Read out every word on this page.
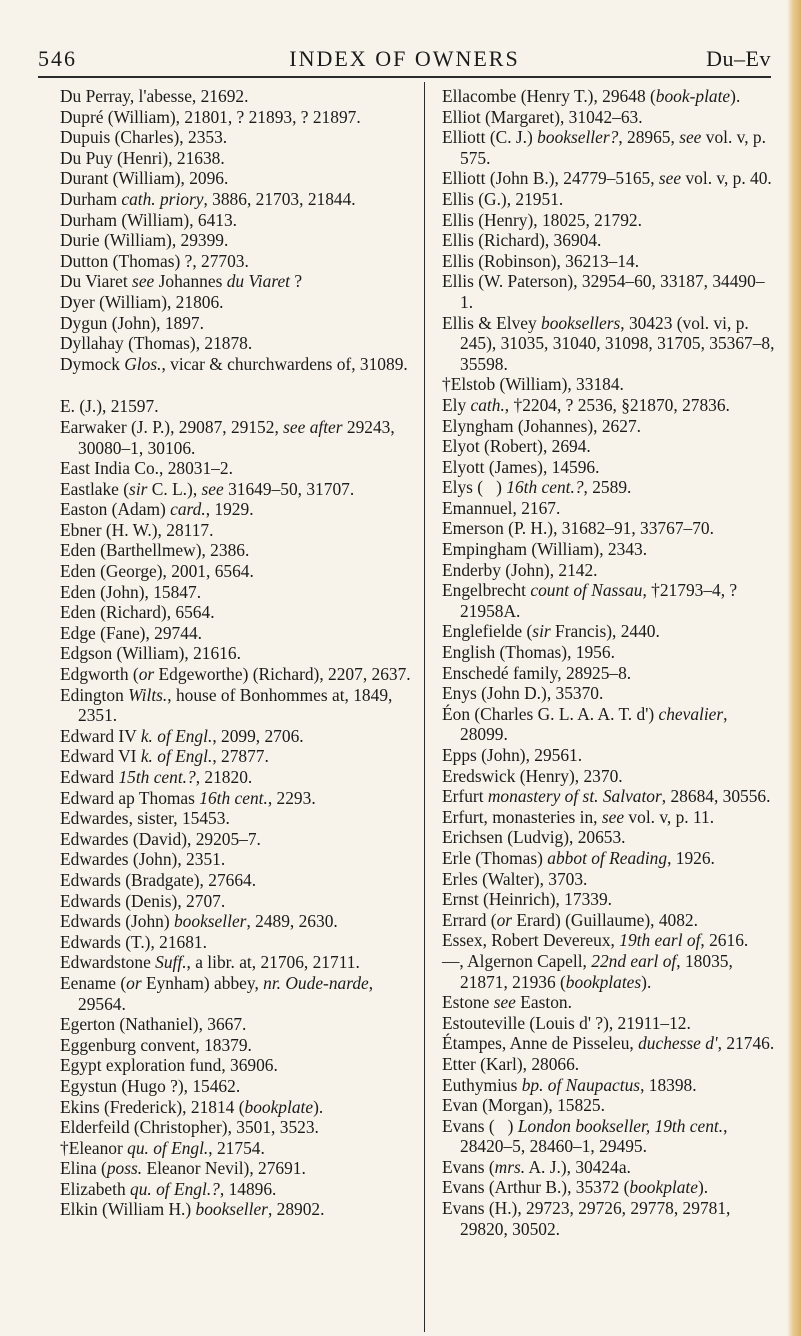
546	INDEX OF OWNERS	Du–Ev
Du Perray, l'abesse, 21692.
Dupré (William), 21801, ? 21893, ? 21897.
Dupuis (Charles), 2353.
Du Puy (Henri), 21638.
Durant (William), 2096.
Durham cath. priory, 3886, 21703, 21844.
Durham (William), 6413.
Durie (William), 29399.
Dutton (Thomas) ?, 27703.
Du Viaret see Johannes du Viaret ?
Dyer (William), 21806.
Dygun (John), 1897.
Dyllahay (Thomas), 21878.
Dymock Glos., vicar & churchwardens of, 31089.
E. (J.), 21597.
Earwaker (J. P.), 29087, 29152, see after 29243, 30080–1, 30106.
East India Co., 28031–2.
Eastlake (sir C. L.), see 31649–50, 31707.
Easton (Adam) card., 1929.
Ebner (H. W.), 28117.
Eden (Barthellmew), 2386.
Eden (George), 2001, 6564.
Eden (John), 15847.
Eden (Richard), 6564.
Edge (Fane), 29744.
Edgson (William), 21616.
Edgworth (or Edgeworthe) (Richard), 2207, 2637.
Edington Wilts., house of Bonhommes at, 1849, 2351.
Edward IV k. of Engl., 2099, 2706.
Edward VI k. of Engl., 27877.
Edward 15th cent.?, 21820.
Edward ap Thomas 16th cent., 2293.
Edwardes, sister, 15453.
Edwardes (David), 29205–7.
Edwardes (John), 2351.
Edwards (Bradgate), 27664.
Edwards (Denis), 2707.
Edwards (John) bookseller, 2489, 2630.
Edwards (T.), 21681.
Edwardstone Suff., a libr. at, 21706, 21711.
Eename (or Eynham) abbey, nr. Oude-narde, 29564.
Egerton (Nathaniel), 3667.
Eggenburg convent, 18379.
Egypt exploration fund, 36906.
Egystun (Hugo ?), 15462.
Ekins (Frederick), 21814 (bookplate).
Elderfeild (Christopher), 3501, 3523.
†Eleanor qu. of Engl., 21754.
Elina (poss. Eleanor Nevil), 27691.
Elizabeth qu. of Engl.?, 14896.
Elkin (William H.) bookseller, 28902.
Ellacombe (Henry T.), 29648 (book-plate).
Elliot (Margaret), 31042–63.
Elliott (C. J.) bookseller?, 28965, see vol. v, p. 575.
Elliott (John B.), 24779–5165, see vol. v, p. 40.
Ellis (G.), 21951.
Ellis (Henry), 18025, 21792.
Ellis (Richard), 36904.
Ellis (Robinson), 36213–14.
Ellis (W. Paterson), 32954–60, 33187, 34490–1.
Ellis & Elvey booksellers, 30423 (vol. vi, p. 245), 31035, 31040, 31098, 31705, 35367–8, 35598.
†Elstob (William), 33184.
Ely cath., †2204, ? 2536, §21870, 27836.
Elyngham (Johannes), 2627.
Elyot (Robert), 2694.
Elyott (James), 14596.
Elys (   ) 16th cent.?, 2589.
Emannuel, 2167.
Emerson (P. H.), 31682–91, 33767–70.
Empingham (William), 2343.
Enderby (John), 2142.
Engelbrecht count of Nassau, †21793–4, ? 21958A.
Englefielde (sir Francis), 2440.
English (Thomas), 1956.
Enschedé family, 28925–8.
Enys (John D.), 35370.
Éon (Charles G. L. A. A. T. d') chevalier, 28099.
Epps (John), 29561.
Eredswick (Henry), 2370.
Erfurt monastery of st. Salvator, 28684, 30556.
Erfurt, monasteries in, see vol. v, p. 11.
Erichsen (Ludvig), 20653.
Erle (Thomas) abbot of Reading, 1926.
Erles (Walter), 3703.
Ernst (Heinrich), 17339.
Errard (or Erard) (Guillaume), 4082.
Essex, Robert Devereux, 19th earl of, 2616.
—, Algernon Capell, 22nd earl of, 18035, 21871, 21936 (bookplates).
Estone see Easton.
Estouteville (Louis d' ?), 21911–12.
Étampes, Anne de Pisseleu, duchesse d', 21746.
Etter (Karl), 28066.
Euthymius bp. of Naupactus, 18398.
Evan (Morgan), 15825.
Evans (   ) London bookseller, 19th cent., 28420–5, 28460–1, 29495.
Evans (mrs. A. J.), 30424a.
Evans (Arthur B.), 35372 (bookplate).
Evans (H.), 29723, 29726, 29778, 29781, 29820, 30502.
